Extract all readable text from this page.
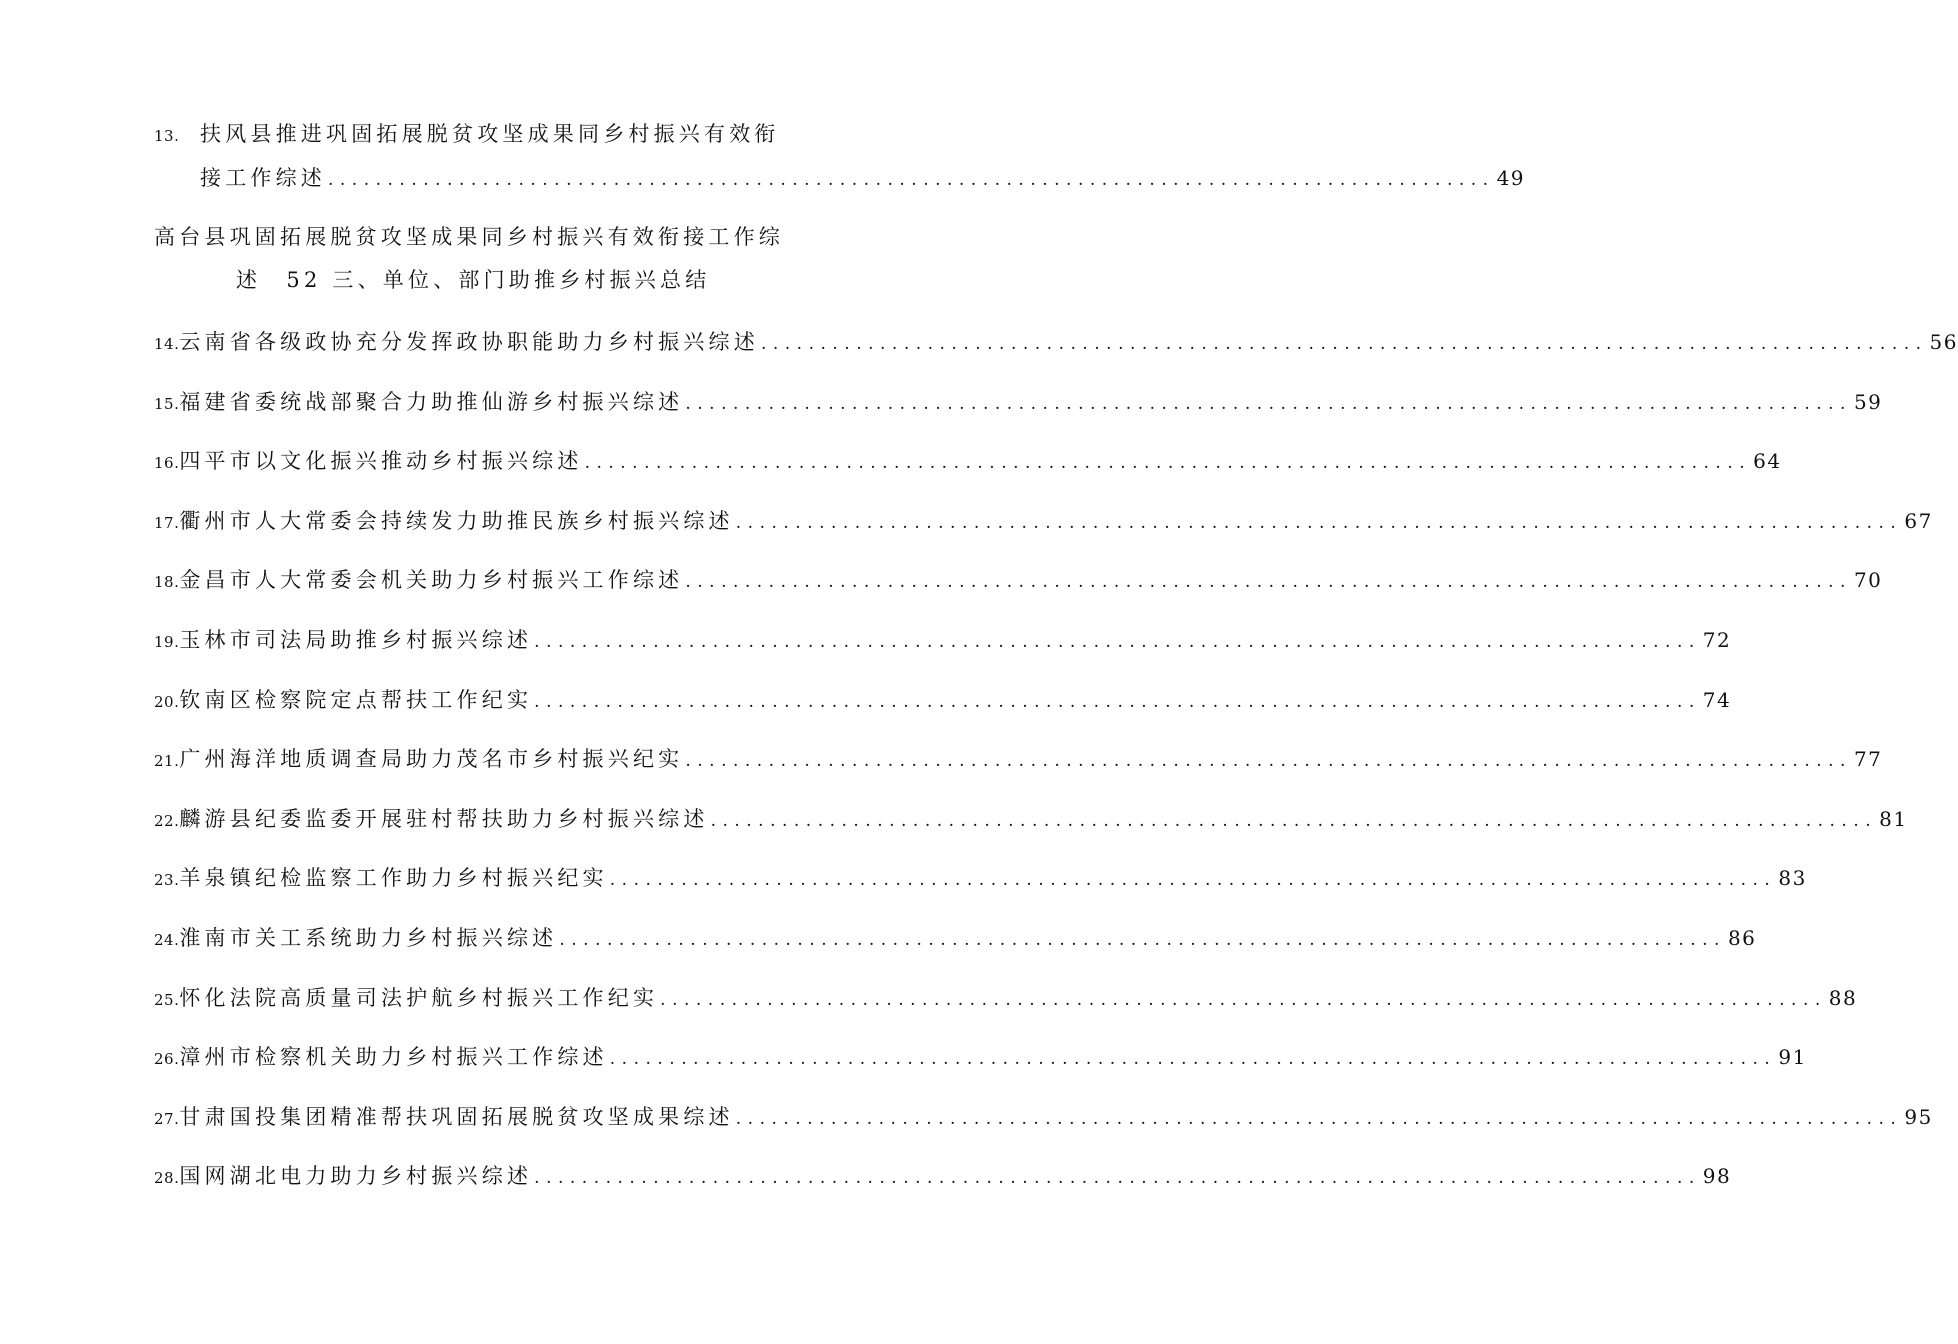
13. 扶风县推进巩固拓展脱贫攻坚成果同乡村振兴有效衔
接工作综述 .................................................................................................. 49
高台县巩固拓展脱贫攻坚成果同乡村振兴有效衔接工作综
述　52 三、单位、部门助推乡村振兴总结
14. 云南省各级政协充分发挥政协职能助力乡村振兴综述 .................................................................................................. 56
15. 福建省委统战部聚合力助推仙游乡村振兴综述 .................................................................................................. 59
16. 四平市以文化振兴推动乡村振兴综述 .................................................................................................. 64
17. 衢州市人大常委会持续发力助推民族乡村振兴综述 .................................................................................................. 67
18. 金昌市人大常委会机关助力乡村振兴工作综述 .................................................................................................. 70
19. 玉林市司法局助推乡村振兴综述 .................................................................................................. 72
20. 钦南区检察院定点帮扶工作纪实 .................................................................................................. 74
21. 广州海洋地质调查局助力茂名市乡村振兴纪实 .................................................................................................. 77
22. 麟游县纪委监委开展驻村帮扶助力乡村振兴综述 .................................................................................................. 81
23. 羊泉镇纪检监察工作助力乡村振兴纪实 .................................................................................................. 83
24. 淮南市关工系统助力乡村振兴综述 .................................................................................................. 86
25. 怀化法院高质量司法护航乡村振兴工作纪实 .................................................................................................. 88
26. 漳州市检察机关助力乡村振兴工作综述 .................................................................................................. 91
27. 甘肃国投集团精准帮扶巩固拓展脱贫攻坚成果综述 .................................................................................................. 95
28. 国网湖北电力助力乡村振兴综述 .................................................................................................. 98
